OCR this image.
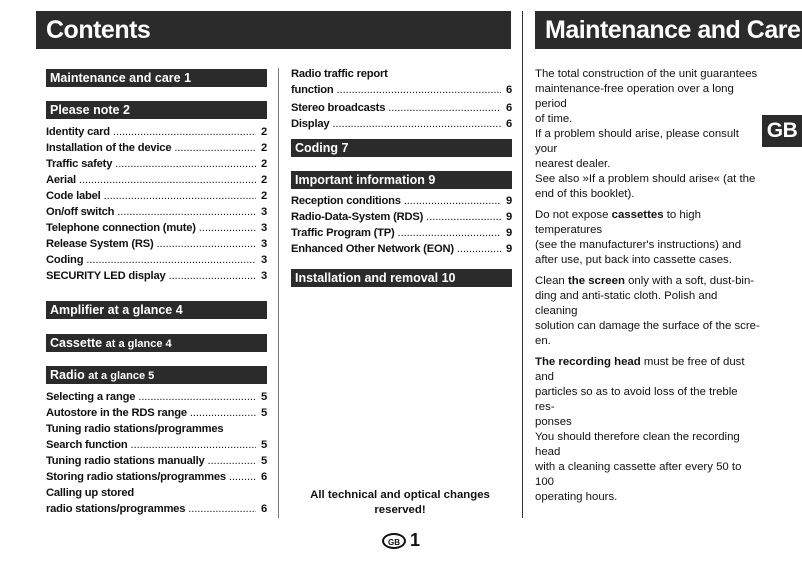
Contents	Maintenance and Care
GB
Maintenance and care 1
Please note 2
Identity card . . .	2
Installation of the device . . .	2
Traffic safety . . .	2
Aerial . . .	2
Code label . . .	2
On/off switch . . .	3
Telephone connection (mute) . . .	3
Release System (RS) . . .	3
Coding . . .	3
SECURITY LED display . . .	3
Amplifier at a glance 4
Cassette at a glance 4
Radio at a glance 5
Selecting a range . . .	5
Autostore in the RDS range . . .	5
Tuning radio stations/programmes
Search function . . .	5
Tuning radio stations manually . . .	5
Storing radio stations/programmes . . .	6
Calling up stored
radio stations/programmes . . .	6
Radio traffic report
function . . .	6
Stereo broadcasts . . .	6
Display . . .	6
Coding 7
Important information 9
Reception conditions . . .	9
Radio-Data-System (RDS) . . .	9
Traffic Program (TP) . . .	9
Enhanced Other Network (EON) . . .	9
Installation and removal 10
All technical and optical changes
reserved!

The total construction of the unit guarantees
maintenance-free operation over a long period
of time.
If a problem should arise, please consult your
nearest dealer.
See also »If a problem should arise« (at the
end of this booklet).

Do not expose cassettes to high temperatures
(see the manufacturer's instructions) and
after use, put back into cassette cases.

Clean the screen only with a soft, dust-bin-
ding and anti-static cloth. Polish and cleaning
solution can damage the surface of the scre-
en.

The recording head must be free of dust and
particles so as to avoid loss of the treble res-
ponses
You should therefore clean the recording head
with a cleaning cassette after every 50 to 100
operating hours.

GB 1
